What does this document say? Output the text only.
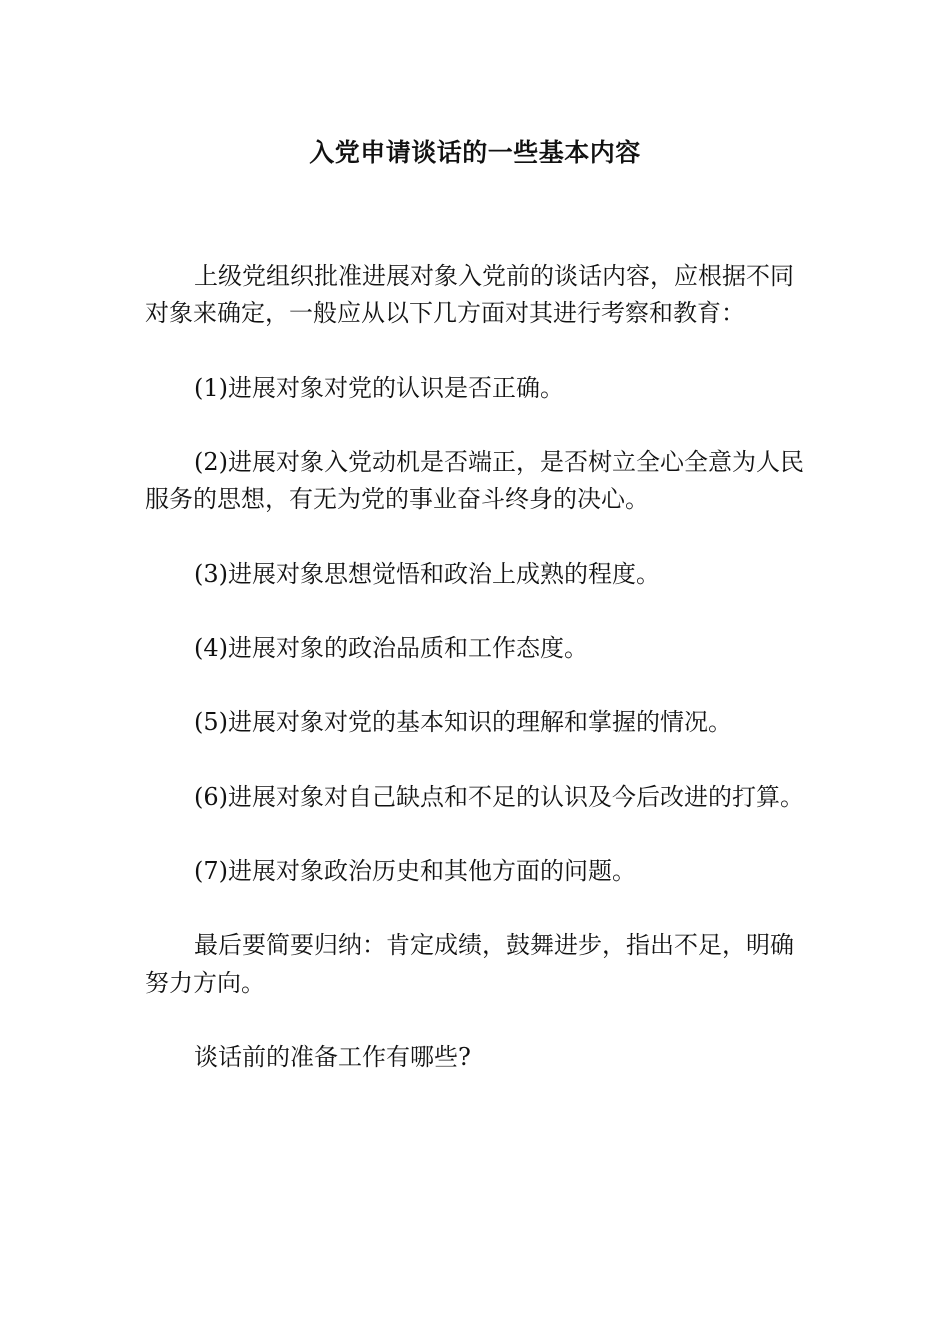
入党申请谈话的一些基本内容

上级党组织批准进展对象入党前的谈话内容，应根据不同
对象来确定，一般应从以下几方面对其进行考察和教育：

(1)进展对象对党的认识是否正确。

(2)进展对象入党动机是否端正，是否树立全心全意为人民
服务的思想，有无为党的事业奋斗终身的决心。

(3)进展对象思想觉悟和政治上成熟的程度。

(4)进展对象的政治品质和工作态度。

(5)进展对象对党的基本知识的理解和掌握的情况。

(6)进展对象对自己缺点和不足的认识及今后改进的打算。

(7)进展对象政治历史和其他方面的问题。

最后要简要归纳：肯定成绩，鼓舞进步，指出不足，明确
努力方向。

谈话前的准备工作有哪些?
